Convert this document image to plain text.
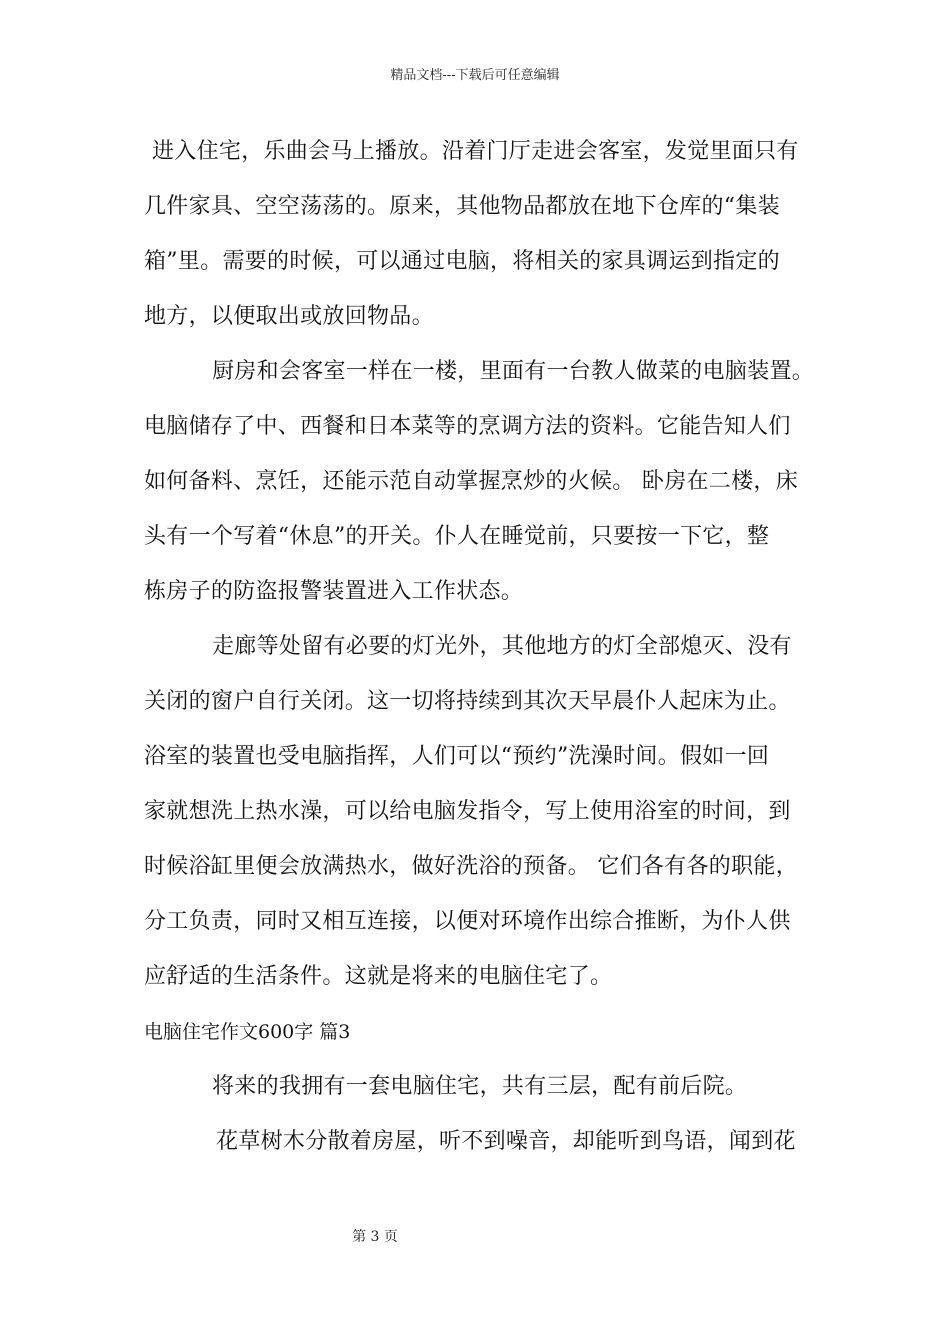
精品文档---下载后可任意编辑
进入住宅，乐曲会马上播放。沿着门厅走进会客室，发觉里面只有
几件家具、空空荡荡的。原来，其他物品都放在地下仓库的“集装
箱”里。需要的时候，可以通过电脑，将相关的家具调运到指定的
地方，以便取出或放回物品。
厨房和会客室一样在一楼，里面有一台教人做菜的电脑装置。
电脑储存了中、西餐和日本菜等的烹调方法的资料。它能告知人们
如何备料、烹饪，还能示范自动掌握烹炒的火候。 卧房在二楼，床
头有一个写着“休息”的开关。仆人在睡觉前，只要按一下它，整
栋房子的防盗报警装置进入工作状态。
走廊等处留有必要的灯光外，其他地方的灯全部熄灭、没有
关闭的窗户自行关闭。这一切将持续到其次天早晨仆人起床为止。
浴室的装置也受电脑指挥，人们可以“预约”洗澡时间。假如一回
家就想洗上热水澡，可以给电脑发指令，写上使用浴室的时间，到
时候浴缸里便会放满热水，做好洗浴的预备。 它们各有各的职能，
分工负责，同时又相互连接，以便对环境作出综合推断，为仆人供
应舒适的生活条件。这就是将来的电脑住宅了。
电脑住宅作文600字 篇3
将来的我拥有一套电脑住宅，共有三层，配有前后院。
花草树木分散着房屋，听不到噪音，却能听到鸟语，闻到花
第 3 页
